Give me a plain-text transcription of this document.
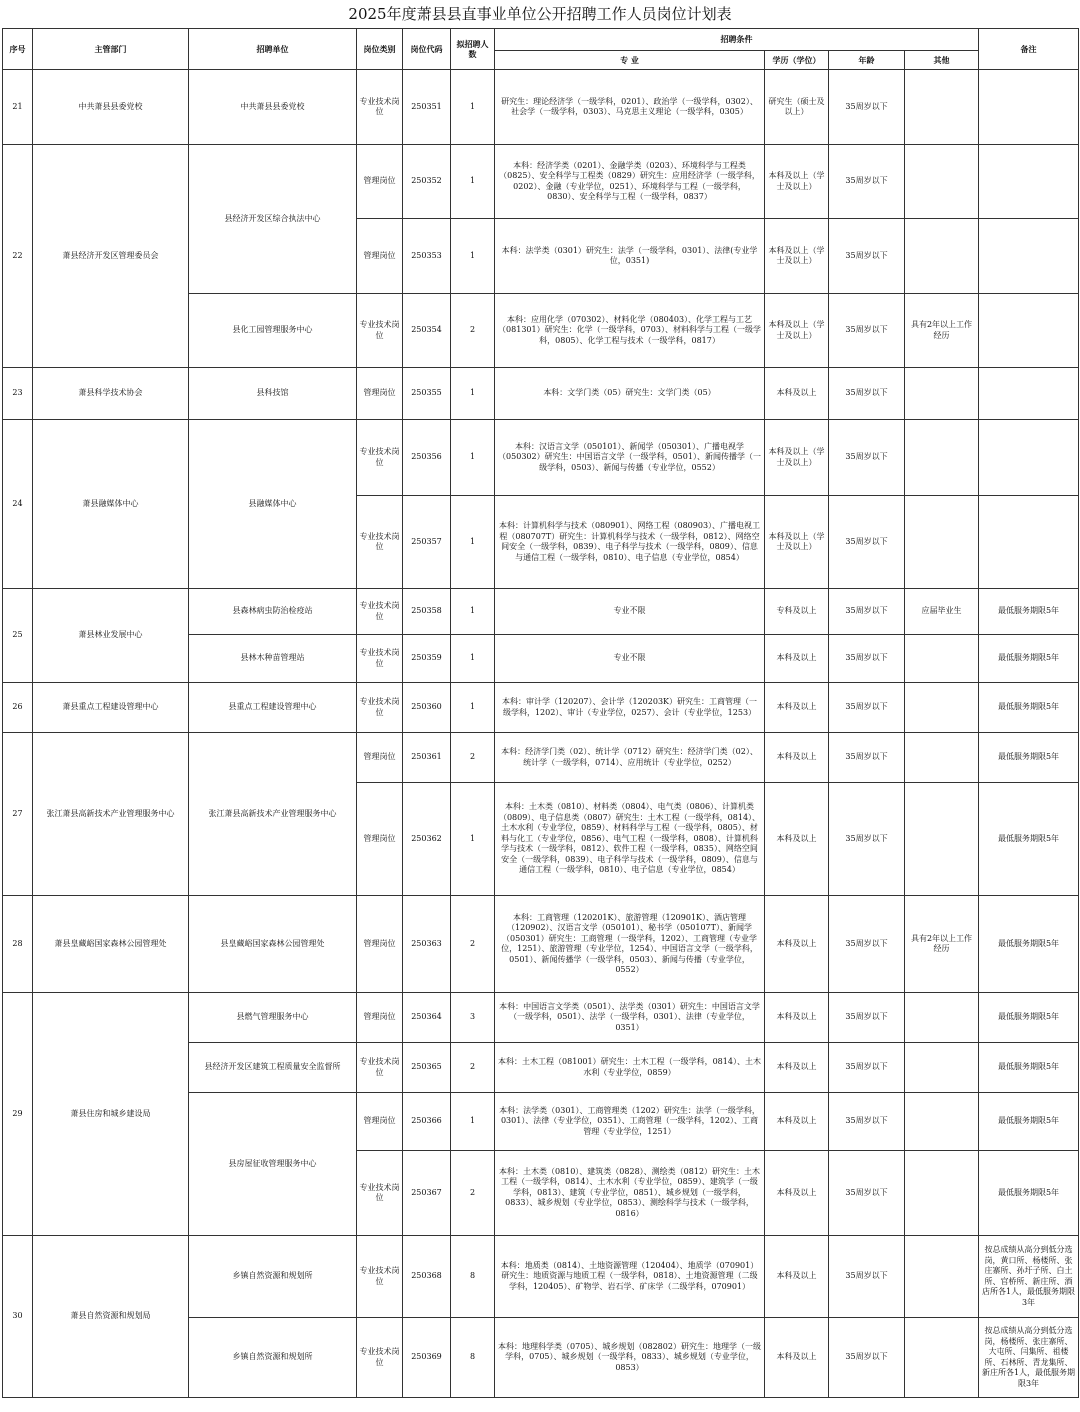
2025年度萧县县直事业单位公开招聘工作人员岗位计划表
序号	主管部门	招聘单位	岗位类别	岗位代码	拟招聘人数	招聘条件				备注
						专 业	学历（学位）	年龄	其他	
21	中共萧县县委党校	中共萧县县委党校	专业技术岗位	250351	1	研究生：理论经济学（一级学科，0201）、政治学（一级学科，0302）、社会学（一级学科，0303）、马克思主义理论（一级学科，0305）	研究生（硕士及以上）	35周岁以下		
22	萧县经济开发区管理委员会	县经济开发区综合执法中心	管理岗位	250352	1	本科：经济学类（0201）、金融学类（0203）、环境科学与工程类（0825）、安全科学与工程类（0829）研究生：应用经济学（一级学科，0202）、金融（专业学位，0251）、环境科学与工程（一级学科，0830）、安全科学与工程（一级学科，0837）	本科及以上（学士及以上）	35周岁以下		
			管理岗位	250353	1	本科：法学类（0301）研究生：法学（一级学科，0301）、法律(专业学位，0351)	本科及以上（学士及以上）	35周岁以下		
		县化工园管理服务中心	专业技术岗位	250354	2	本科：应用化学（070302）、材料化学（080403）、化学工程与工艺（081301）研究生：化学（一级学科，0703）、材料科学与工程（一级学科，0805）、化学工程与技术（一级学科，0817）	本科及以上（学士及以上）	35周岁以下	具有2年以上工作经历	
23	萧县科学技术协会	县科技馆	管理岗位	250355	1	本科：文学门类（05）研究生：文学门类（05）	本科及以上	35周岁以下		
24	萧县融媒体中心	县融媒体中心	专业技术岗位	250356	1	本科：汉语言文学（050101）、新闻学（050301）、广播电视学（050302）研究生：中国语言文学（一级学科，0501）、新闻传播学（一级学科，0503）、新闻与传播（专业学位，0552）	本科及以上（学士及以上）	35周岁以下		
			专业技术岗位	250357	1	本科：计算机科学与技术（080901）、网络工程（080903）、广播电视工程（080707T）研究生：计算机科学与技术（一级学科，0812）、网络空间安全（一级学科，0839）、电子科学与技术（一级学科，0809）、信息与通信工程（一级学科，0810）、电子信息（专业学位，0854）	本科及以上（学士及以上）	35周岁以下		
25	萧县林业发展中心	县森林病虫防治检疫站	专业技术岗位	250358	1	专业不限	专科及以上	35周岁以下	应届毕业生	最低服务期限5年
		县林木种苗管理站	专业技术岗位	250359	1	专业不限	本科及以上	35周岁以下		最低服务期限5年
26	萧县重点工程建设管理中心	县重点工程建设管理中心	专业技术岗位	250360	1	本科：审计学（120207）、会计学（120203K）研究生：工商管理（一级学科，1202）、审计（专业学位，0257）、会计（专业学位，1253）	本科及以上	35周岁以下		最低服务期限5年
27	张江萧县高新技术产业管理服务中心	张江萧县高新技术产业管理服务中心	管理岗位	250361	2	本科：经济学门类（02）、统计学（0712）研究生：经济学门类（02）、统计学（一级学科，0714）、应用统计（专业学位，0252）	本科及以上	35周岁以下		最低服务期限5年
			管理岗位	250362	1	本科：土木类（0810）、材料类（0804）、电气类（0806）、计算机类（0809）、电子信息类（0807）研究生：土木工程（一级学科，0814）、土木水利（专业学位，0859）、材料科学与工程（一级学科，0805）、材料与化工（专业学位，0856）、电气工程（一级学科，0808）、计算机科学与技术（一级学科，0812）、软件工程（一级学科，0835）、网络空间安全（一级学科，0839）、电子科学与技术（一级学科，0809）、信息与通信工程（一级学科，0810）、电子信息（专业学位，0854）	本科及以上	35周岁以下		最低服务期限5年
28	萧县皇藏峪国家森林公园管理处	县皇藏峪国家森林公园管理处	管理岗位	250363	2	本科：工商管理（120201K）、旅游管理（120901K）、酒店管理（120902）、汉语言文学（050101）、秘书学（050107T）、新闻学（050301）研究生：工商管理（一级学科，1202）、工商管理（专业学位，1251）、旅游管理（专业学位，1254）、中国语言文学（一级学科，0501）、新闻传播学（一级学科，0503）、新闻与传播（专业学位，0552）	本科及以上	35周岁以下	具有2年以上工作经历	最低服务期限5年
29	萧县住房和城乡建设局	县燃气管理服务中心	管理岗位	250364	3	本科：中国语言文学类（0501）、法学类（0301）研究生：中国语言文学（一级学科，0501）、法学（一级学科，0301）、法律（专业学位，0351）	本科及以上	35周岁以下		最低服务期限5年
		县经济开发区建筑工程质量安全监督所	专业技术岗位	250365	2	本科：土木工程（081001）研究生：土木工程（一级学科，0814）、土木水利（专业学位，0859）	本科及以上	35周岁以下		最低服务期限5年
		县房屋征收管理服务中心	管理岗位	250366	1	本科：法学类（0301）、工商管理类（1202）研究生：法学（一级学科，0301）、法律（专业学位，0351）、工商管理（一级学科，1202）、工商管理（专业学位，1251）	本科及以上	35周岁以下		最低服务期限5年
			专业技术岗位	250367	2	本科：土木类（0810）、建筑类（0828）、测绘类（0812）研究生：土木工程（一级学科，0814）、土木水利（专业学位，0859）、建筑学（一级学科，0813）、建筑（专业学位，0851）、城乡规划（一级学科，0833）、城乡规划（专业学位，0853）、测绘科学与技术（一级学科，0816）	本科及以上	35周岁以下		最低服务期限5年
30	萧县自然资源和规划局	乡镇自然资源和规划所	专业技术岗位	250368	8	本科：地质类（0814）、土地资源管理（120404）、地质学（070901）研究生：地质资源与地质工程（一级学科，0818）、土地资源管理（二级学科，120405）、矿物学、岩石学、矿床学（二级学科，070901）	本科及以上	35周岁以下		按总成绩从高分到低分选岗，黄口所、杨楼所、张庄寨所、孙圩子所、白土所、官桥所、新庄所、酒店所各1人，最低服务期限3年
		乡镇自然资源和规划所	专业技术岗位	250369	8	本科：地理科学类（0705）、城乡规划（082802）研究生：地理学（一级学科，0705）、城乡规划（一级学科，0833）、城乡规划（专业学位，0853）	本科及以上	35周岁以下		按总成绩从高分到低分选岗，杨楼所、张庄寨所、大屯所、闫集所、祖楼所、石林所、青龙集所、新庄所各1人，最低服务期限3年
